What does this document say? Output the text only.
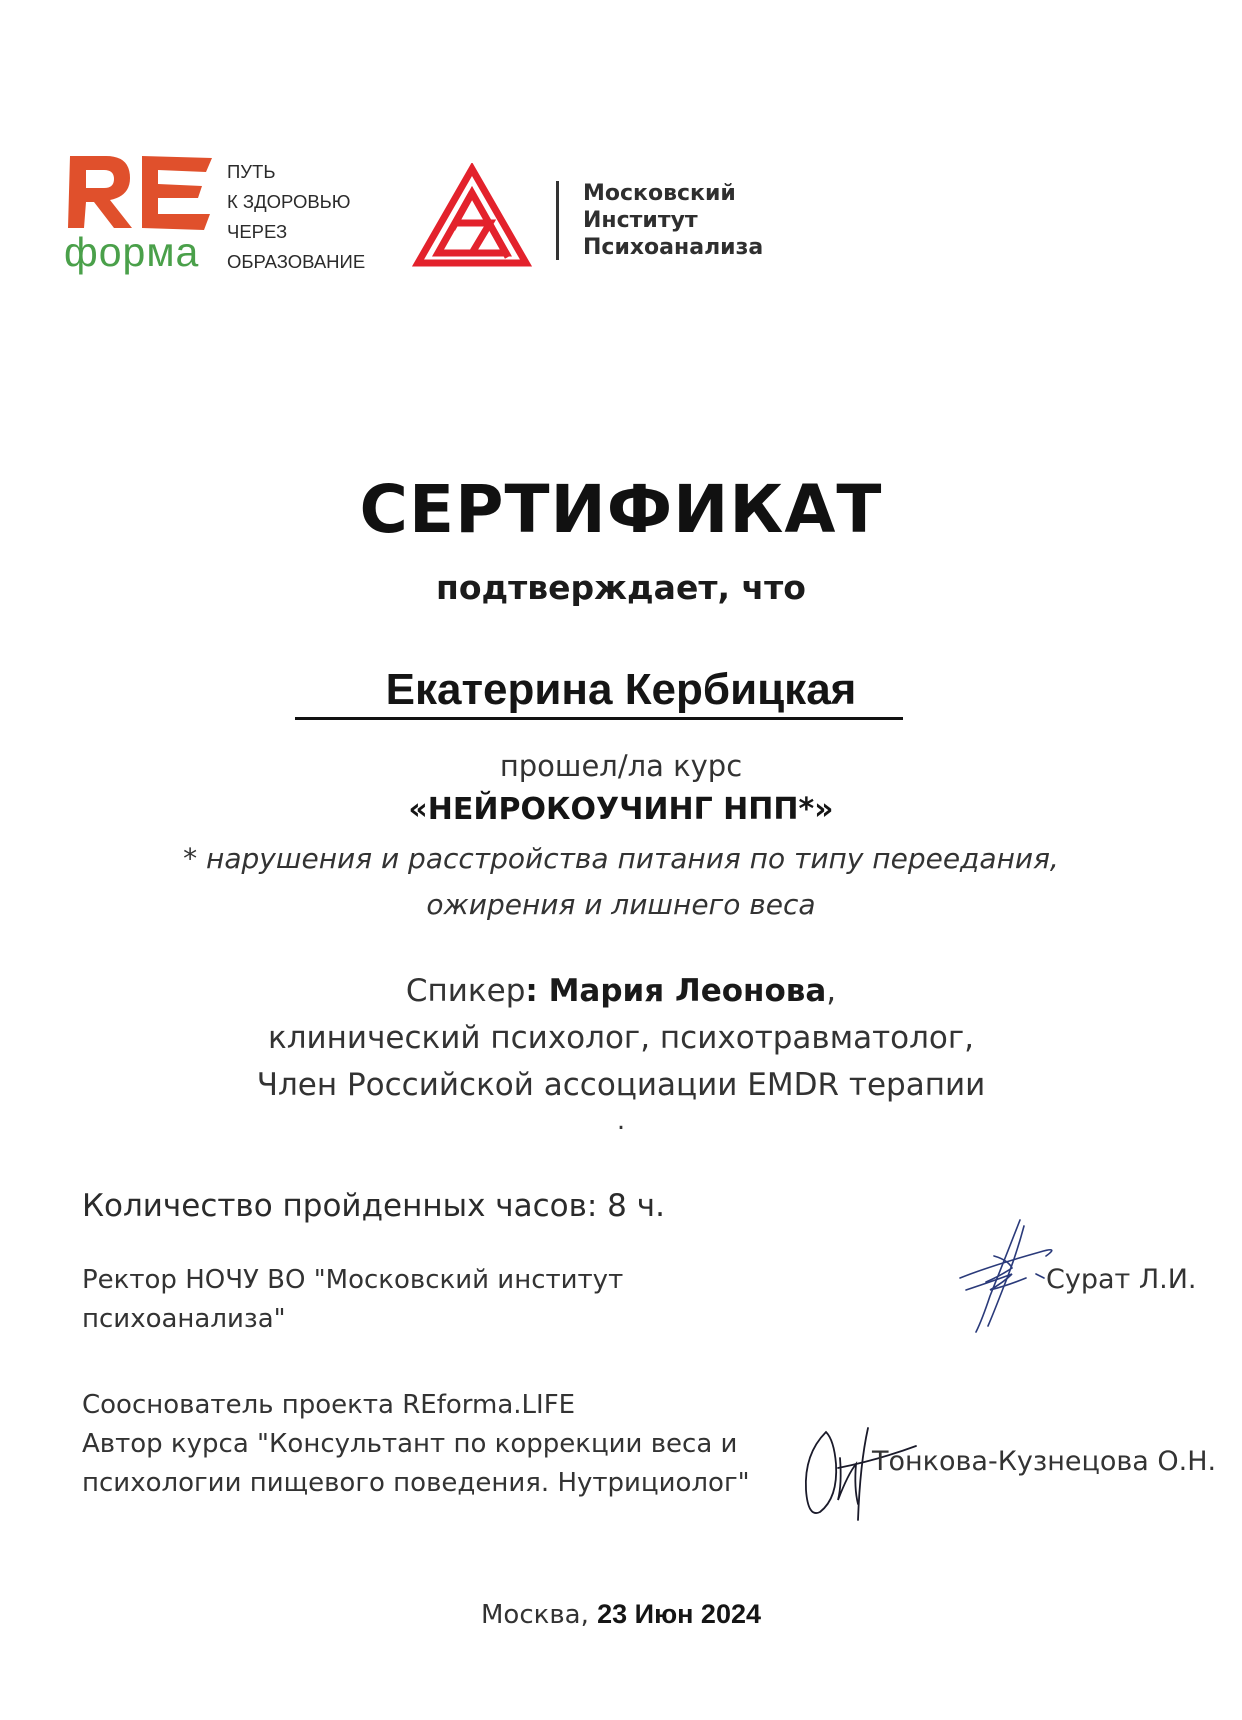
форма
ПУТЬ
К ЗДОРОВЬЮ
ЧЕРЕЗ
ОБРАЗОВАНИЕ
Московский
Институт
Психоанализа
СЕРТИФИКАТ
подтверждает, что
Екатерина Кербицкая
прошел/ла курс
«НЕЙРОКОУЧИНГ НПП*»
* нарушения и расстройства питания по типу переедания,
ожирения и лишнего веса
Спикер: Мария Леонова,
клинический психолог, психотравматолог,
Член Российской ассоциации EMDR терапии
.
Количество пройденных часов: 8 ч.
Ректор НОЧУ ВО "Московский институт
психоанализа"
Сурат Л.И.
Сооснователь проекта REforma.LIFE
Автор курса "Консультант по коррекции веса и
психологии пищевого поведения. Нутрициолог"
Тонкова-Кузнецова О.Н.
Москва, 23 Июн 2024
